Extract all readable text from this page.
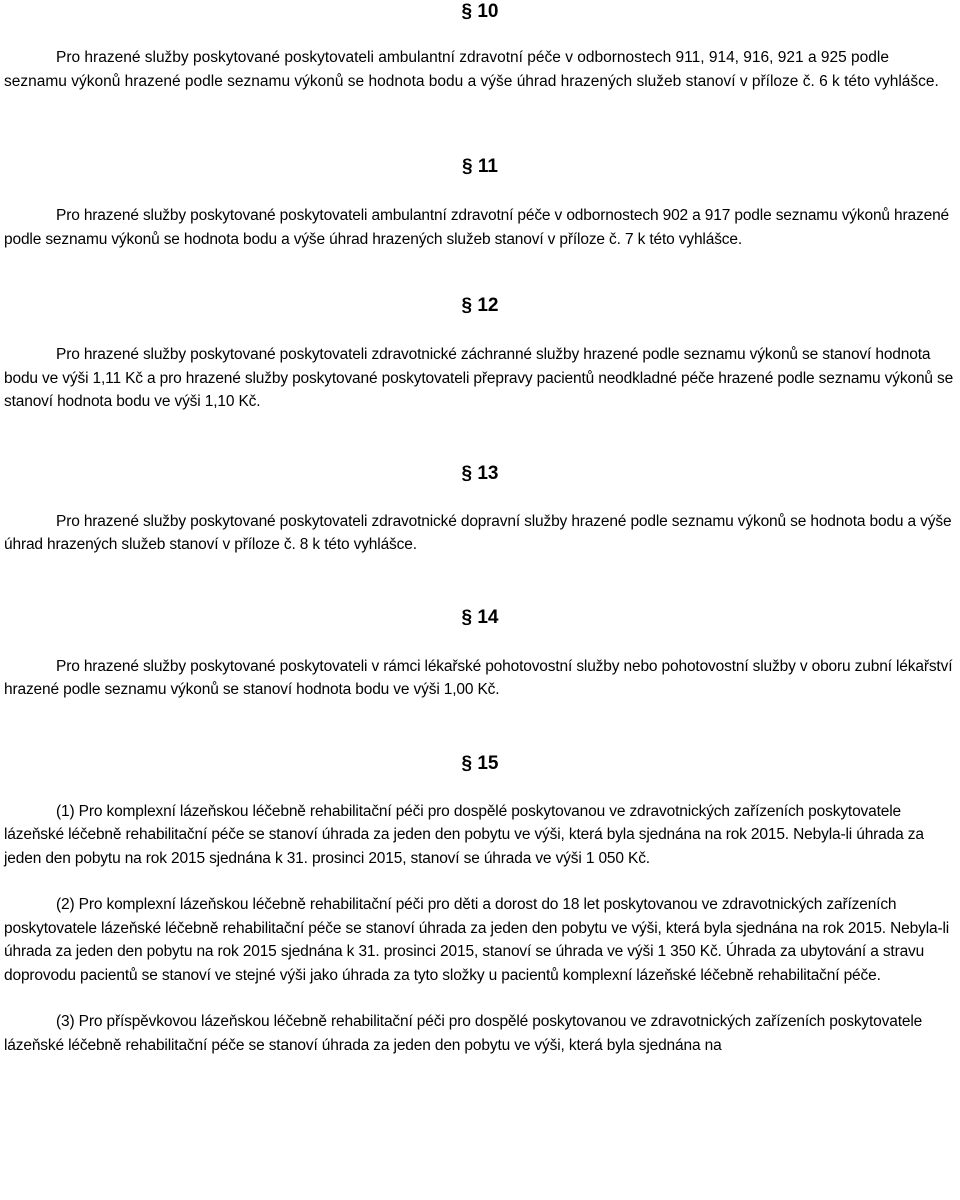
§ 10

Pro hrazené služby poskytované poskytovateli ambulantní zdravotní péče v odbornostech 911, 914, 916, 921 a 925 podle seznamu výkonů hrazené podle seznamu výkonů se hodnota bodu a výše úhrad hrazených služeb stanoví v příloze č. 6 k této vyhlášce.

§ 11

Pro hrazené služby poskytované poskytovateli ambulantní zdravotní péče v odbornostech 902 a 917 podle seznamu výkonů hrazené podle seznamu výkonů se hodnota bodu a výše úhrad hrazených služeb stanoví v příloze č. 7 k této vyhlášce.

§ 12

Pro hrazené služby poskytované poskytovateli zdravotnické záchranné služby hrazené podle seznamu výkonů se stanoví hodnota bodu ve výši 1,11 Kč a pro hrazené služby poskytované poskytovateli přepravy pacientů neodkladné péče hrazené podle seznamu výkonů se stanoví hodnota bodu ve výši 1,10 Kč.

§ 13

Pro hrazené služby poskytované poskytovateli zdravotnické dopravní služby hrazené podle seznamu výkonů se hodnota bodu a výše úhrad hrazených služeb stanoví v příloze č. 8 k této vyhlášce.

§ 14

Pro hrazené služby poskytované poskytovateli v rámci lékařské pohotovostní služby nebo pohotovostní služby v oboru zubní lékařství hrazené podle seznamu výkonů se stanoví hodnota bodu ve výši 1,00 Kč.

§ 15

(1) Pro komplexní lázeňskou léčebně rehabilitační péči pro dospělé poskytovanou ve zdravotnických zařízeních poskytovatele lázeňské léčebně rehabilitační péče se stanoví úhrada za jeden den pobytu ve výši, která byla sjednána na rok 2015. Nebyla-li úhrada za jeden den pobytu na rok 2015 sjednána k 31. prosinci 2015, stanoví se úhrada ve výši 1 050 Kč.

(2) Pro komplexní lázeňskou léčebně rehabilitační péči pro děti a dorost do 18 let poskytovanou ve zdravotnických zařízeních poskytovatele lázeňské léčebně rehabilitační péče se stanoví úhrada za jeden den pobytu ve výši, která byla sjednána na rok 2015. Nebyla-li úhrada za jeden den pobytu na rok 2015 sjednána k 31. prosinci 2015, stanoví se úhrada ve výši 1 350 Kč. Úhrada za ubytování a stravu doprovodu pacientů se stanoví ve stejné výši jako úhrada za tyto složky u pacientů komplexní lázeňské léčebně rehabilitační péče.

(3) Pro příspěvkovou lázeňskou léčebně rehabilitační péči pro dospělé poskytovanou ve zdravotnických zařízeních poskytovatele lázeňské léčebně rehabilitační péče se stanoví úhrada za jeden den pobytu ve výši, která byla sjednána na
